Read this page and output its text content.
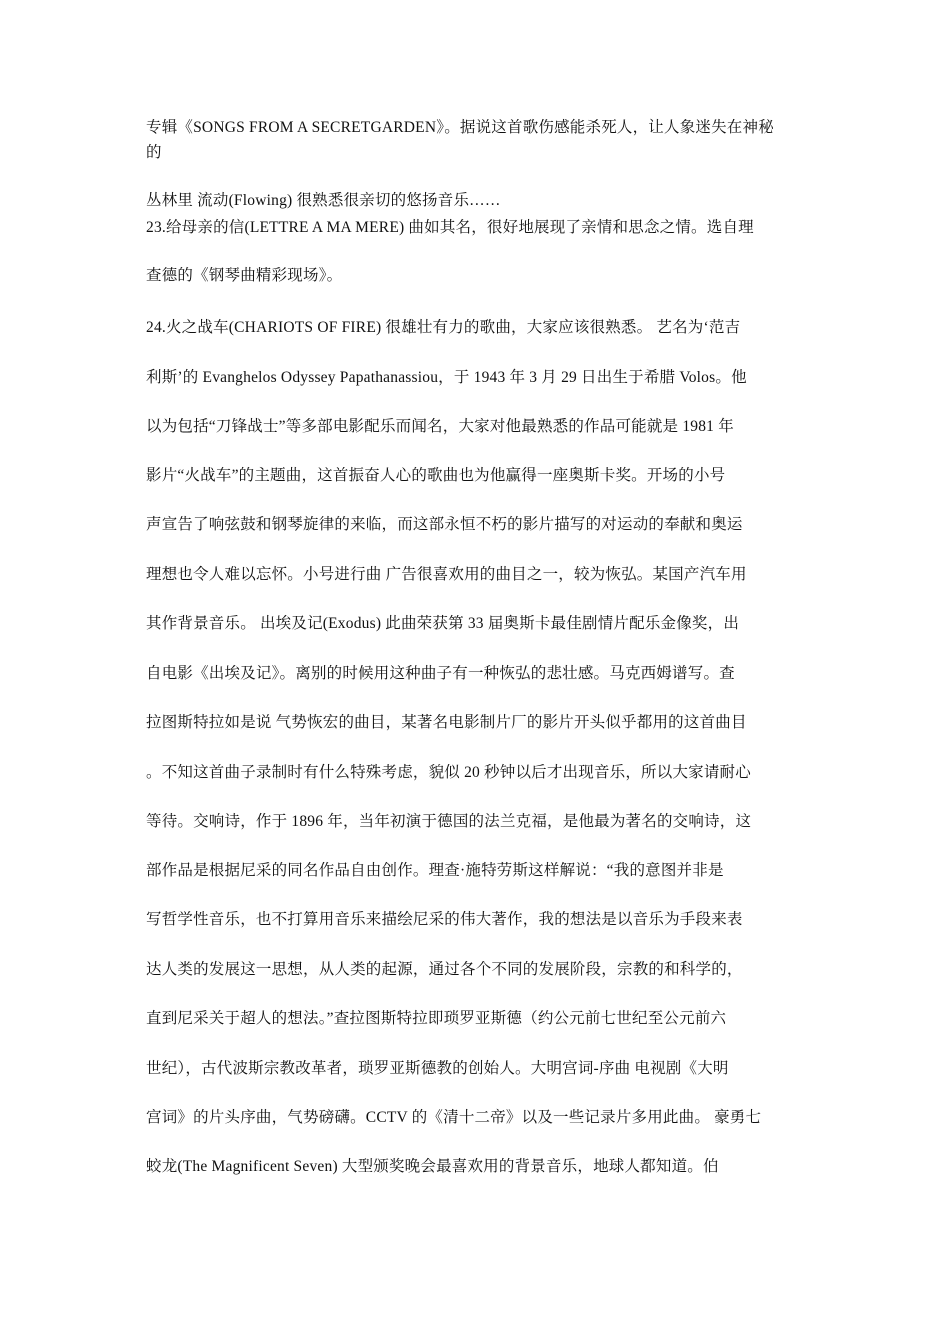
专辑《SONGS FROM A SECRETGARDEN》。据说这首歌伤感能杀死人，让人象迷失在神秘
的
丛林里 流动(Flowing) 很熟悉很亲切的悠扬音乐……
23.给母亲的信(LETTRE A MA MERE) 曲如其名，很好地展现了亲情和思念之情。选自理
查德的《钢琴曲精彩现场》。
24.火之战车(CHARIOTS OF FIRE) 很雄壮有力的歌曲，大家应该很熟悉。 艺名为‘范吉
利斯’的 Evanghelos Odyssey Papathanassiou，于 1943 年 3 月 29 日出生于希腊 Volos。他
以为包括“刀锋战士”等多部电影配乐而闻名，大家对他最熟悉的作品可能就是 1981 年
影片“火战车”的主题曲，这首振奋人心的歌曲也为他赢得一座奥斯卡奖。开场的小号
声宣告了响弦鼓和钢琴旋律的来临，而这部永恒不朽的影片描写的对运动的奉献和奥运
理想也令人难以忘怀。小号进行曲 广告很喜欢用的曲目之一，较为恢弘。某国产汽车用
其作背景音乐。 出埃及记(Exodus) 此曲荣获第 33 届奥斯卡最佳剧情片配乐金像奖，出
自电影《出埃及记》。离别的时候用这种曲子有一种恢弘的悲壮感。马克西姆谱写。查
拉图斯特拉如是说 气势恢宏的曲目，某著名电影制片厂的影片开头似乎都用的这首曲目
。不知这首曲子录制时有什么特殊考虑，貌似 20 秒钟以后才出现音乐，所以大家请耐心
等待。交响诗，作于 1896 年，当年初演于德国的法兰克福，是他最为著名的交响诗，这
部作品是根据尼采的同名作品自由创作。理查·施特劳斯这样解说：“我的意图并非是
写哲学性音乐，也不打算用音乐来描绘尼采的伟大著作，我的想法是以音乐为手段来表
达人类的发展这一思想，从人类的起源，通过各个不同的发展阶段，宗教的和科学的，
直到尼采关于超人的想法。”查拉图斯特拉即琐罗亚斯德（约公元前七世纪至公元前六
世纪），古代波斯宗教改革者，琐罗亚斯德教的创始人。大明宫词-序曲 电视剧《大明
宫词》的片头序曲，气势磅礴。CCTV 的《清十二帝》以及一些记录片多用此曲。 豪勇七
蛟龙(The Magnificent Seven) 大型颁奖晚会最喜欢用的背景音乐，地球人都知道。伯
